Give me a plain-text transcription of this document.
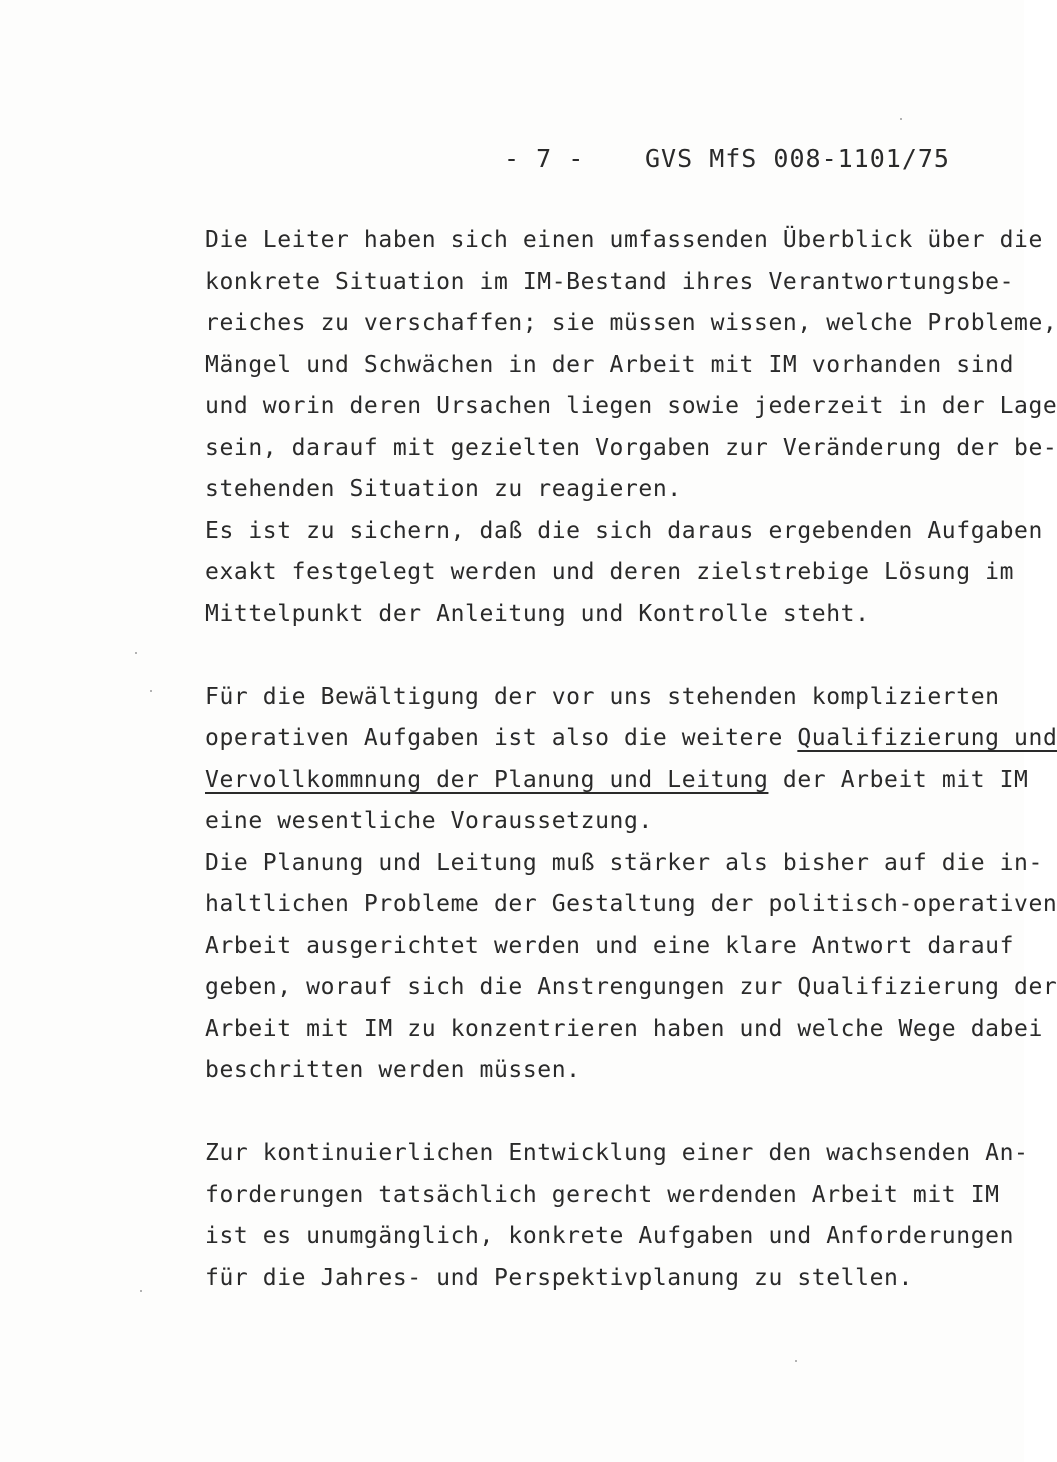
- 7 - GVS MfS 008-1101/75
Die Leiter haben sich einen umfassenden Überblick über die
konkrete Situation im IM-Bestand ihres Verantwortungsbe-
reiches zu verschaffen; sie müssen wissen, welche Probleme,
Mängel und Schwächen in der Arbeit mit IM vorhanden sind
und worin deren Ursachen liegen sowie jederzeit in der Lage
sein, darauf mit gezielten Vorgaben zur Veränderung der be-
stehenden Situation zu reagieren.
Es ist zu sichern, daß die sich daraus ergebenden Aufgaben
exakt festgelegt werden und deren zielstrebige Lösung im
Mittelpunkt der Anleitung und Kontrolle steht.
Für die Bewältigung der vor uns stehenden komplizierten
operativen Aufgaben ist also die weitere Qualifizierung und
Vervollkommnung der Planung und Leitung der Arbeit mit IM
eine wesentliche Voraussetzung.
Die Planung und Leitung muß stärker als bisher auf die in-
haltlichen Probleme der Gestaltung der politisch-operativen
Arbeit ausgerichtet werden und eine klare Antwort darauf
geben, worauf sich die Anstrengungen zur Qualifizierung der
Arbeit mit IM zu konzentrieren haben und welche Wege dabei
beschritten werden müssen.
Zur kontinuierlichen Entwicklung einer den wachsenden An-
forderungen tatsächlich gerecht werdenden Arbeit mit IM
ist es unumgänglich, konkrete Aufgaben und Anforderungen
für die Jahres- und Perspektivplanung zu stellen.
